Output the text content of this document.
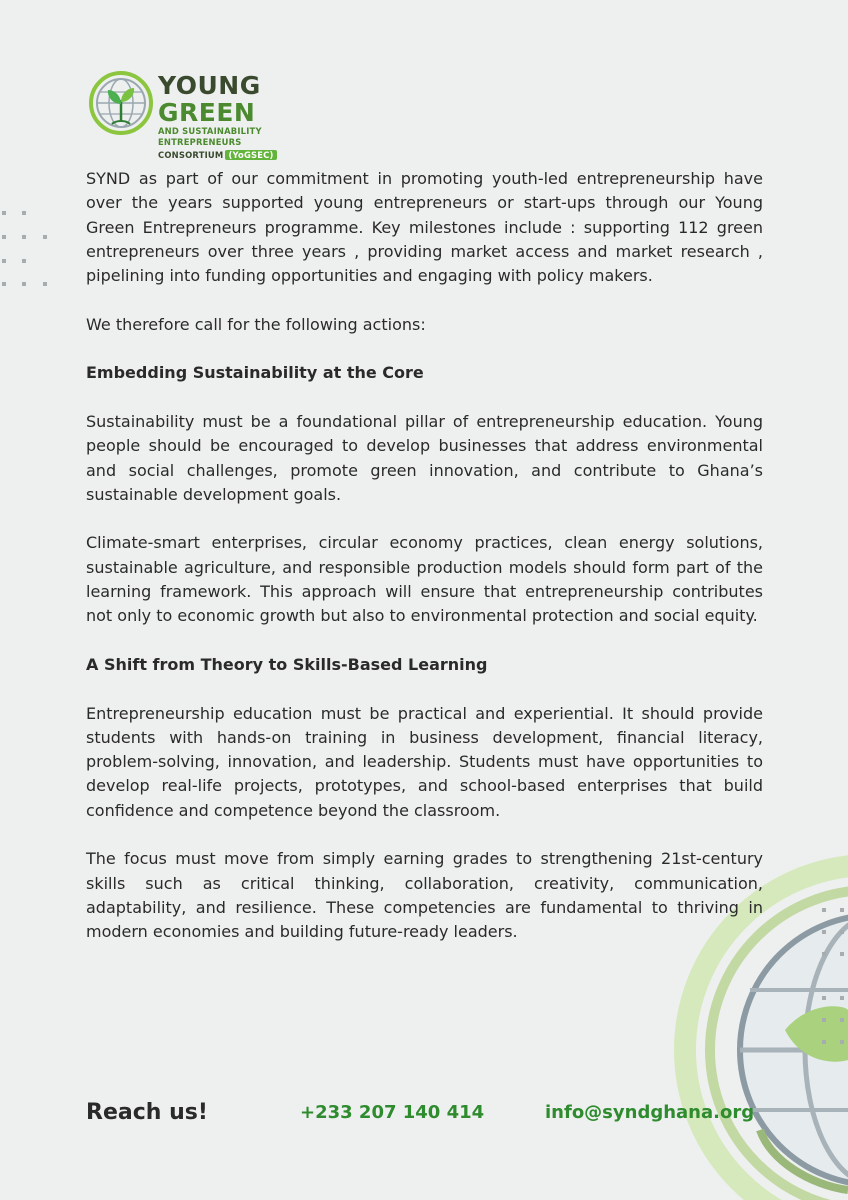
YOUNG GREEN
AND SUSTAINABILITY ENTREPRENEURS
CONSORTIUM (YoGSEC)

SYND as part of our commitment in promoting youth-led entrepreneurship have over the years supported young entrepreneurs or start-ups through our Young Green Entrepreneurs programme. Key milestones include : supporting 112 green entrepreneurs over three years , providing market access and market research , pipelining into funding opportunities and engaging with policy makers.

We therefore call for the following actions:

Embedding Sustainability at the Core

Sustainability must be a foundational pillar of entrepreneurship education. Young people should be encouraged to develop businesses that address environmental and social challenges, promote green innovation, and contribute to Ghana’s sustainable development goals.

Climate-smart enterprises, circular economy practices, clean energy solutions, sustainable agriculture, and responsible production models should form part of the learning framework. This approach will ensure that entrepreneurship contributes not only to economic growth but also to environmental protection and social equity.

A Shift from Theory to Skills-Based Learning

Entrepreneurship education must be practical and experiential. It should provide students with hands-on training in business development, financial literacy, problem-solving, innovation, and leadership. Students must have opportunities to develop real-life projects, prototypes, and school-based enterprises that build confidence and competence beyond the classroom.

The focus must move from simply earning grades to strengthening 21st-century skills such as critical thinking, collaboration, creativity, communication, adaptability, and resilience. These competencies are fundamental to thriving in modern economies and building future-ready leaders.

Reach us!	+233 207 140 414	info@syndghana.org
